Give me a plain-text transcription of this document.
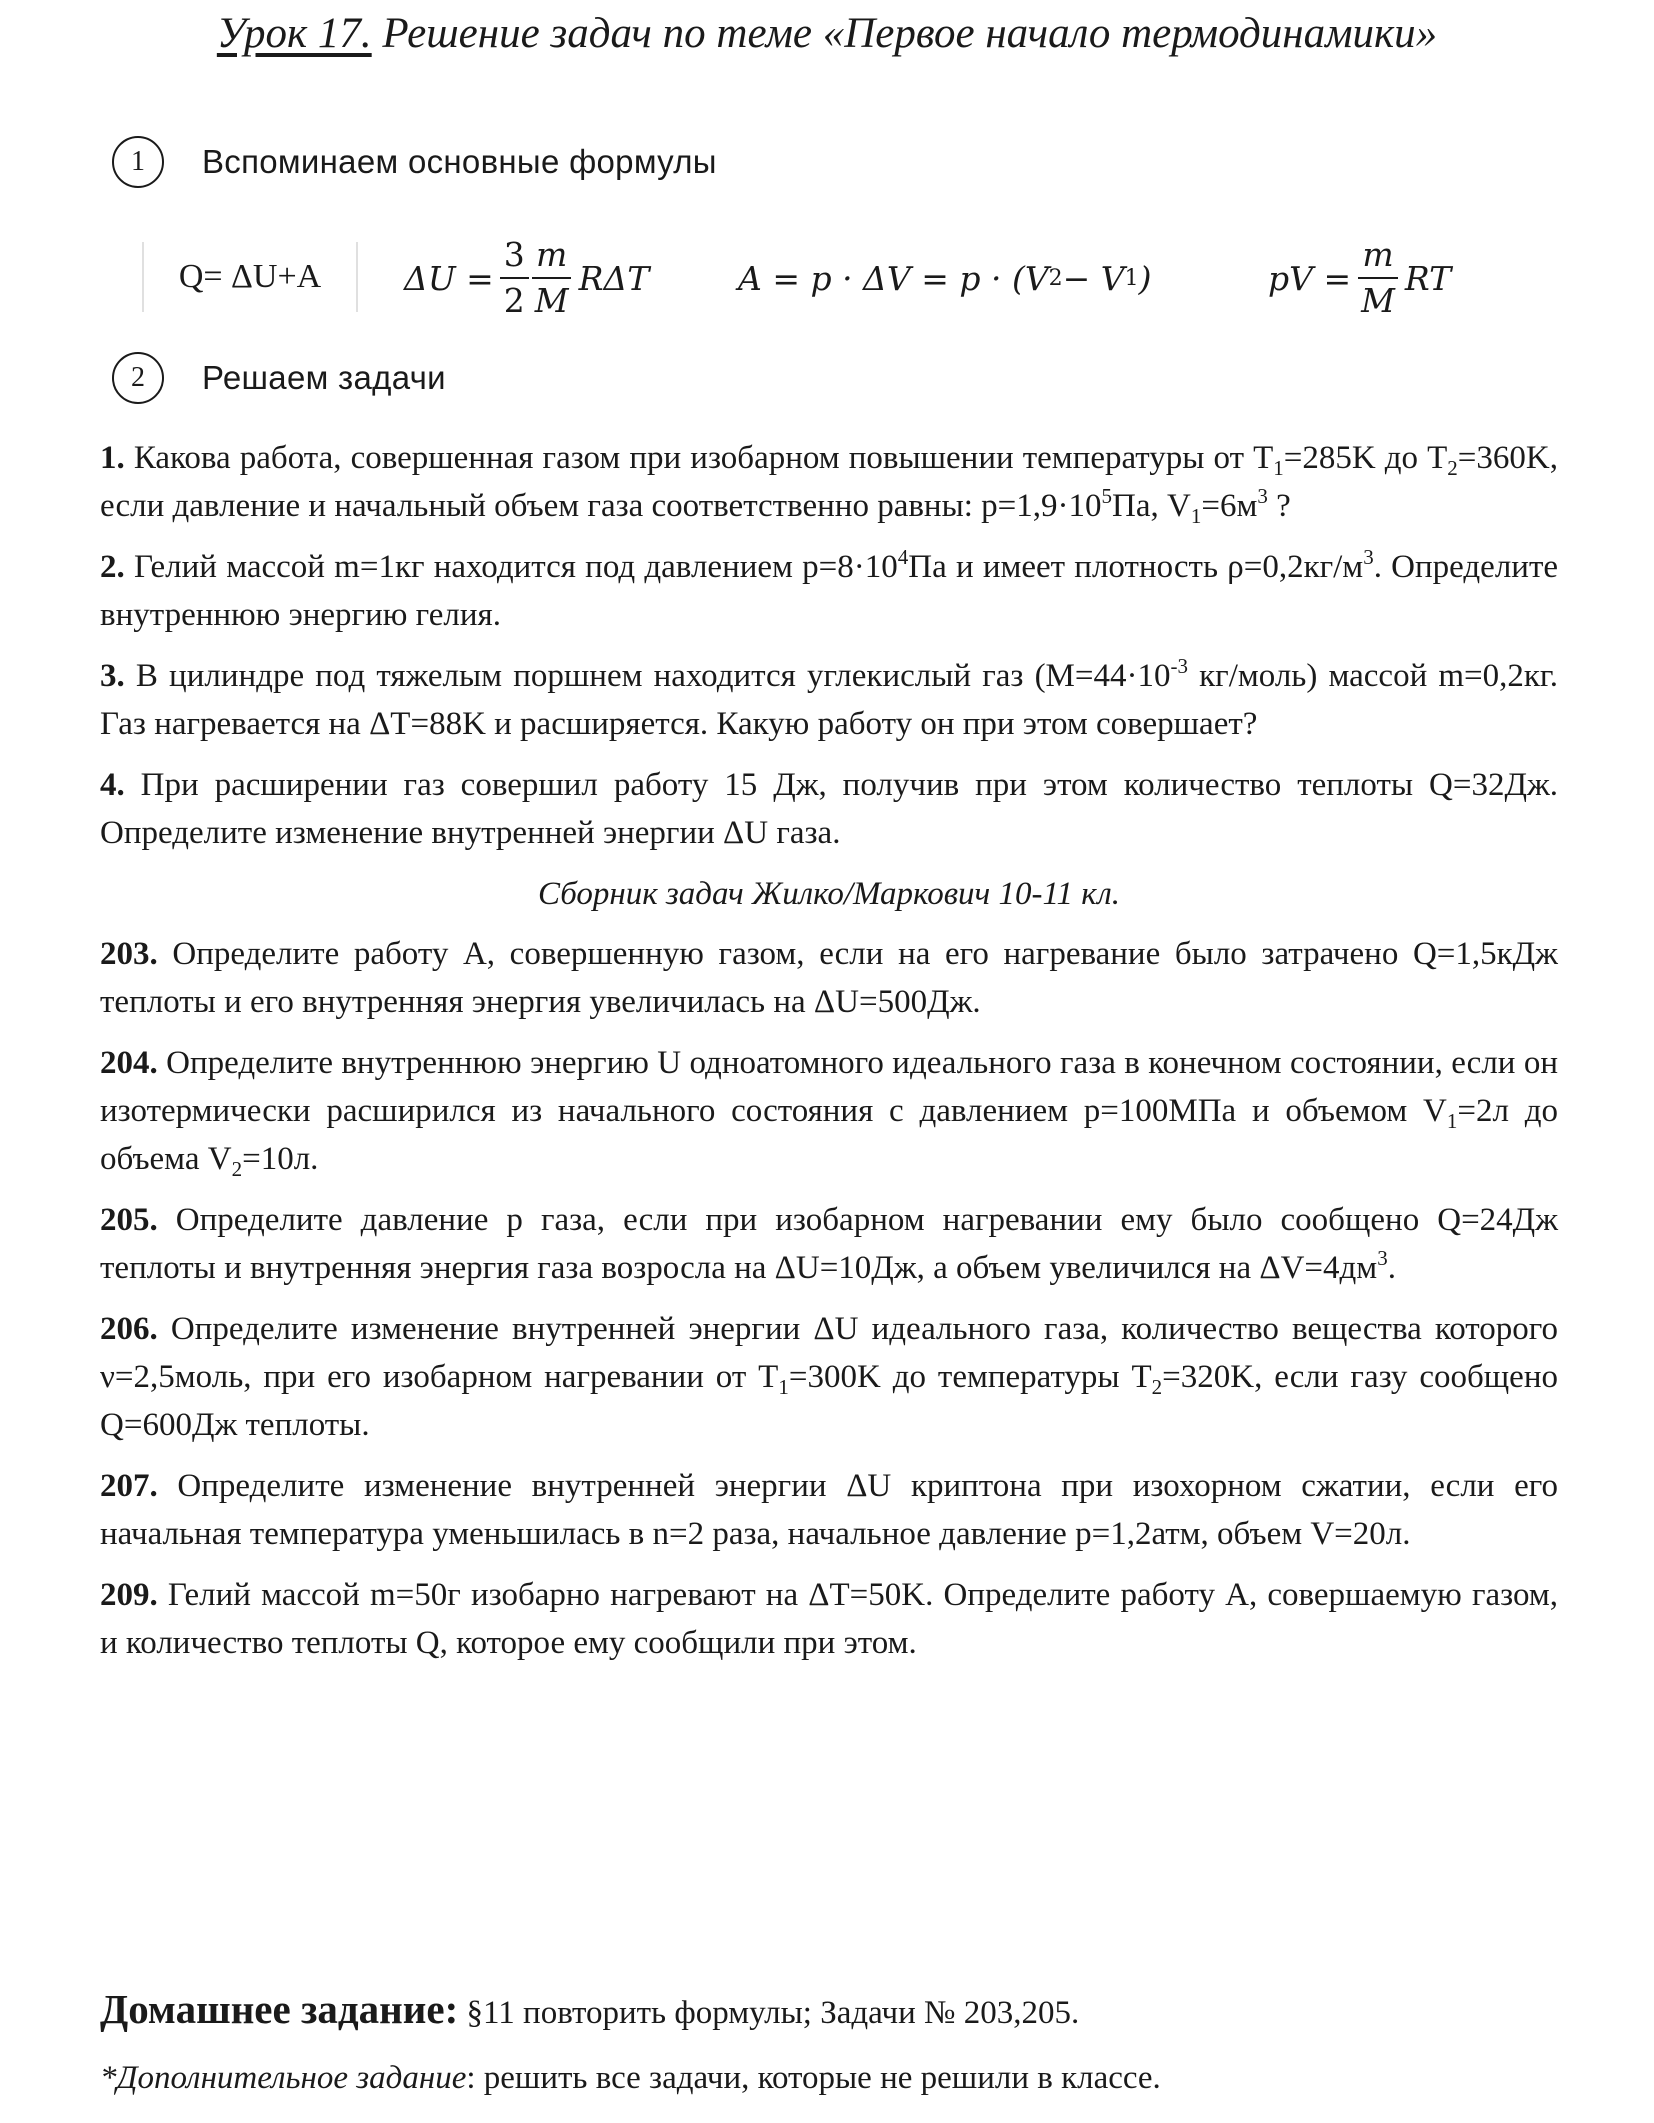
Урок 17. Решение задач по теме «Первое начало термодинамики»
1	Вспоминаем основные формулы
Q= ΔU+A	$\Delta U = \frac{3}{2} \frac{m}{M}$ RΔT	A = p · ΔV = p · (V 2 − V 1 )	pV = $\frac{m}{M}$ RT
2	Решаем задачи

1. Какова работа, совершенная газом при изобарном повышении температуры от $T_1=285K$ до $T_2=360K$, если давление и начальный объем газа соответственно равны: $p=1,9\cdot 10^5Па$, $V_1=6м^3$ ?

2. Гелий массой m=1кг находится под давлением $p=8\cdot 10^4Па$ и имеет плотность $\rho=0,2кг/м^3$. Определите внутреннюю энергию гелия.

3. В цилиндре под тяжелым поршнем находится углекислый газ ($M=44\cdot 10^{-3}$ кг/моль) массой m=0,2кг. Газ нагревается на ΔT=88K и расширяется. Какую работу он при этом совершает?

4. При расширении газ совершил работу 15 Дж, получив при этом количество теплоты Q=32Дж. Определите изменение внутренней энергии ΔU газа.

Сборник задач Жилко/Маркович 10-11 кл.

203. Определите работу A, совершенную газом, если на его нагревание было затрачено Q=1,5кДж теплоты и его внутренняя энергия увеличилась на ΔU=500Дж.

204. Определите внутреннюю энергию U одноатомного идеального газа в конечном состоянии, если он изотермически расширился из начального состояния с давлением p=100МПа и объемом $V_1=2л$ до объема $V_2=10л$.

205. Определите давление p газа, если при изобарном нагревании ему было сообщено Q=24Дж теплоты и внутренняя энергия газа возросла на ΔU=10Дж, а объем увеличился на $\Delta V=4дм^3$.

206. Определите изменение внутренней энергии ΔU идеального газа, количество вещества которого ν=2,5моль, при его изобарном нагревании от $T_1=300K$ до температуры $T_2=320K$, если газу сообщено Q=600Дж теплоты.

207. Определите изменение внутренней энергии ΔU криптона при изохорном сжатии, если его начальная температура уменьшилась в n=2 раза, начальное давление p=1,2атм, объем V=20л.

209. Гелий массой m=50г изобарно нагревают на ΔT=50K. Определите работу A, совершаемую газом, и количество теплоты Q, которое ему сообщили при этом.

Домашнее задание: §11 повторить формулы; Задачи № 203,205.
*Дополнительное задание: решить все задачи, которые не решили в классе.
